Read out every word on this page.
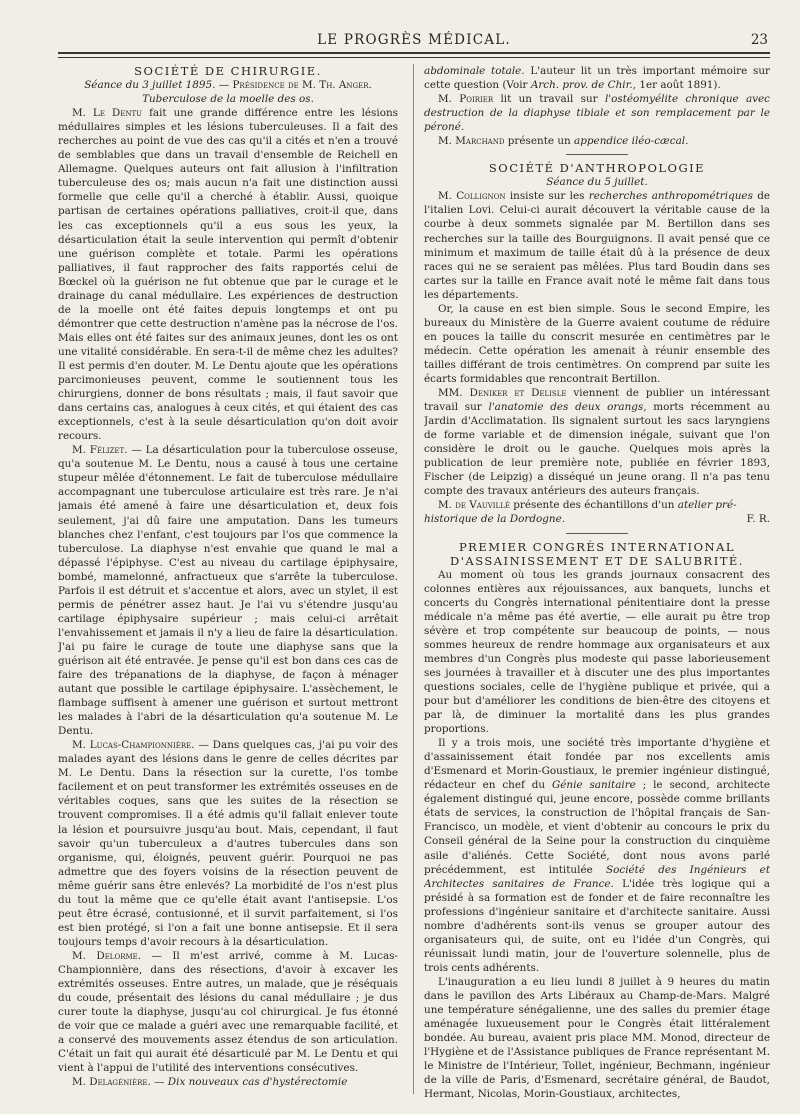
LE PROGRÈS MÉDICAL.	23

SOCIÉTÉ DE CHIRURGIE.

Séance du 3 juillet 1895. — Présidence de M. Th. Anger.

Tuberculose de la moelle des os.

M. Le Dentu fait une grande différence entre les lésions médullaires simples et les lésions tuberculeuses. Il a fait des recherches au point de vue des cas qu'il a cités et n'en a trouvé de semblables que dans un travail d'ensemble de Reichell en Allemagne. Quelques auteurs ont fait allusion à l'infiltration tuberculeuse des os; mais aucun n'a fait une distinction aussi formelle que celle qu'il a cherché à établir. Aussi, quoique partisan de certaines opérations palliatives, croit-il que, dans les cas exceptionnels qu'il a eus sous les yeux, la désarticulation était la seule intervention qui permît d'obtenir une guérison complète et totale. Parmi les opérations palliatives, il faut rapprocher des faits rapportés celui de Bœckel où la guérison ne fut obtenue que par le curage et le drainage du canal médullaire. Les expériences de destruction de la moelle ont été faites depuis longtemps et ont pu démontrer que cette destruction n'amène pas la nécrose de l'os. Mais elles ont été faites sur des animaux jeunes, dont les os ont une vitalité considérable. En sera-t-il de même chez les adultes? Il est permis d'en douter. M. Le Dentu ajoute que les opérations parcimonieuses peuvent, comme le soutiennent tous les chirurgiens, donner de bons résultats ; mais, il faut savoir que dans certains cas, analogues à ceux cités, et qui étaient des cas exceptionnels, c'est à la seule désarticulation qu'on doit avoir recours.

M. Félizet. — La désarticulation pour la tuberculose osseuse, qu'a soutenue M. Le Dentu, nous a causé à tous une certaine stupeur mêlée d'étonnement. Le fait de tuberculose médullaire accompagnant une tuberculose articulaire est très rare. Je n'ai jamais été amené à faire une désarticulation et, deux fois seulement, j'ai dû faire une amputation. Dans les tumeurs blanches chez l'enfant, c'est toujours par l'os que commence la tuberculose. La diaphyse n'est envahie que quand le mal a dépassé l'épiphyse. C'est au niveau du cartilage épiphysaire, bombé, mamelonné, anfractueux que s'arrête la tuberculose. Parfois il est détruit et s'accentue et alors, avec un stylet, il est permis de pénétrer assez haut. Je l'ai vu s'étendre jusqu'au cartilage épiphysaire supérieur ; mais celui-ci arrêtait l'envahissement et jamais il n'y a lieu de faire la désarticulation. J'ai pu faire le curage de toute une diaphyse sans que la guérison ait été entravée. Je pense qu'il est bon dans ces cas de faire des trépanations de la diaphyse, de façon à ménager autant que possible le cartilage épiphysaire. L'assèchement, le flambage suffisent à amener une guérison et surtout mettront les malades à l'abri de la désarticulation qu'a soutenue M. Le Dentu.

M. Lucas-Championnière. — Dans quelques cas, j'ai pu voir des malades ayant des lésions dans le genre de celles décrites par M. Le Dentu. Dans la résection sur la curette, l'os tombe facilement et on peut transformer les extrémités osseuses en de véritables coques, sans que les suites de la résection se trouvent compromises. Il a été admis qu'il fallait enlever toute la lésion et poursuivre jusqu'au bout. Mais, cependant, il faut savoir qu'un tuberculeux a d'autres tubercules dans son organisme, qui, éloignés, peuvent guérir. Pourquoi ne pas admettre que des foyers voisins de la résection peuvent de même guérir sans être enlevés? La morbidité de l'os n'est plus du tout la même que ce qu'elle était avant l'antisepsie. L'os peut être écrasé, contusionné, et il survit parfaitement, si l'os est bien protégé, si l'on a fait une bonne antisepsie. Et il sera toujours temps d'avoir recours à la désarticulation.

M. Delorme. — Il m'est arrivé, comme à M. Lucas-Championnière, dans des résections, d'avoir à excaver les extrémités osseuses. Entre autres, un malade, que je réséquais du coude, présentait des lésions du canal médullaire ; je dus curer toute la diaphyse, jusqu'au col chirurgical. Je fus étonné de voir que ce malade a guéri avec une remarquable facilité, et a conservé des mouvements assez étendus de son articulation. C'était un fait qui aurait été désarticulé par M. Le Dentu et qui vient à l'appui de l'utilité des interventions consécutives.

M. Delagénière. — Dix nouveaux cas d'hystérectomie

abdominale totale. L'auteur lit un très important mémoire sur cette question (Voir Arch. prov. de Chir., 1er août 1891).

M. Poirier lit un travail sur l'ostéomyélite chronique avec destruction de la diaphyse tibiale et son remplacement par le péroné.

M. Marchand présente un appendice iléo-cæcal.

SOCIÉTÉ D'ANTHROPOLOGIE

Séance du 5 juillet.

M. Collignon insiste sur les recherches anthropométriques de l'italien Lovi. Celui-ci aurait découvert la véritable cause de la courbe à deux sommets signalée par M. Bertillon dans ses recherches sur la taille des Bourguignons. Il avait pensé que ce minimum et maximum de taille était dû à la présence de deux races qui ne se seraient pas mêlées. Plus tard Boudin dans ses cartes sur la taille en France avait noté le même fait dans tous les départements.

Or, la cause en est bien simple. Sous le second Empire, les bureaux du Ministère de la Guerre avaient coutume de réduire en pouces la taille du conscrit mesurée en centimètres par le médecin. Cette opération les amenait à réunir ensemble des tailles différant de trois centimètres. On comprend par suite les écarts formidables que rencontrait Bertillon.

MM. Deniker et Delisle viennent de publier un intéressant travail sur l'anatomie des deux orangs, morts récemment au Jardin d'Acclimatation. Ils signalent surtout les sacs laryngiens de forme variable et de dimension inégale, suivant que l'on considère le droit ou le gauche. Quelques mois après la publication de leur première note, publiée en février 1893, Fischer (de Leipzig) a disséqué un jeune orang. Il n'a pas tenu compte des travaux antérieurs des auteurs français.

M. de Vauvillé présente des échantillons d'un atelier pré-

historique de la Dordogne.	F. R.

PREMIER CONGRÈS INTERNATIONAL

D'ASSAINISSEMENT ET DE SALUBRITÉ.

Au moment où tous les grands journaux consacrent des colonnes entières aux réjouissances, aux banquets, lunchs et concerts du Congrès international pénitentiaire dont la presse médicale n'a même pas été avertie, — elle aurait pu être trop sévère et trop compétente sur beaucoup de points, — nous sommes heureux de rendre hommage aux organisateurs et aux membres d'un Congrès plus modeste qui passe laborieusement ses journées à travailler et à discuter une des plus importantes questions sociales, celle de l'hygiène publique et privée, qui a pour but d'améliorer les conditions de bien-être des citoyens et par là, de diminuer la mortalité dans les plus grandes proportions.

Il y a trois mois, une société très importante d'hygiène et d'assainissement était fondée par nos excellents amis d'Esmenard et Morin-Goustiaux, le premier ingénieur distingué, rédacteur en chef du Génie sanitaire ; le second, architecte également distingué qui, jeune encore, possède comme brillants états de services, la construction de l'hôpital français de San-Francisco, un modèle, et vient d'obtenir au concours le prix du Conseil général de la Seine pour la construction du cinquième asile d'aliénés. Cette Société, dont nous avons parlé précédemment, est intitulée Société des Ingénieurs et Architectes sanitaires de France. L'idée très logique qui a présidé à sa formation est de fonder et de faire reconnaître les professions d'ingénieur sanitaire et d'architecte sanitaire. Aussi nombre d'adhérents sont-ils venus se grouper autour des organisateurs qui, de suite, ont eu l'idée d'un Congrès, qui réunissait lundi matin, jour de l'ouverture solennelle, plus de trois cents adhérents.

L'inauguration a eu lieu lundi 8 juillet à 9 heures du matin dans le pavillon des Arts Libéraux au Champ-de-Mars. Malgré une température sénégalienne, une des salles du premier étage aménagée luxueusement pour le Congrès était littéralement bondée. Au bureau, avaient pris place MM. Monod, directeur de l'Hygiène et de l'Assistance publiques de France représentant M. le Ministre de l'Intérieur, Tollet, ingénieur, Bechmann, ingénieur de la ville de Paris, d'Esmenard, secrétaire général, de Baudot, Hermant, Nicolas, Morin-Goustiaux, architectes,
